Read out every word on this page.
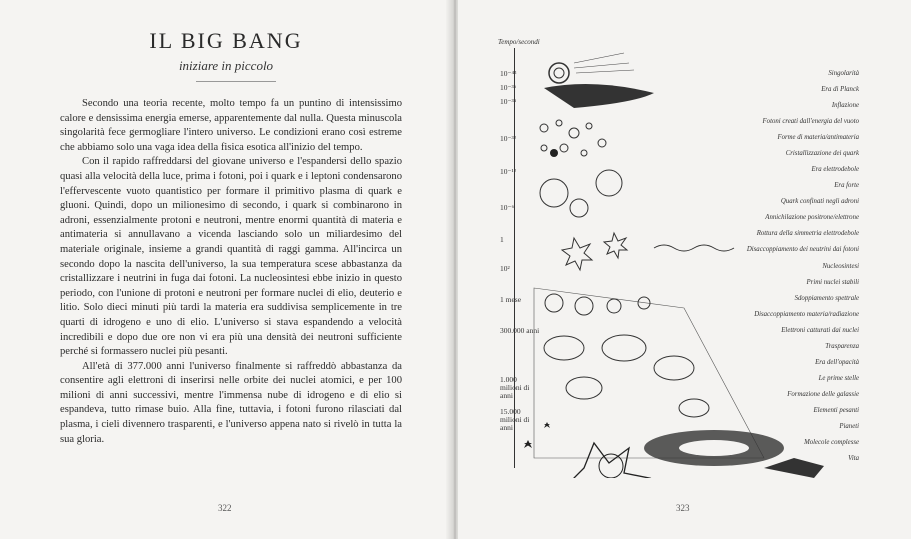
IL BIG BANG
iniziare in piccolo

Secondo una teoria recente, molto tempo fa un puntino di intensissimo calore e densissima energia emerse, apparentemente dal nulla. Questa minuscola singolarità fece germogliare l'intero universo. Le condizioni erano così estreme che abbiamo solo una vaga idea della fisica esotica all'inizio del tempo.

Con il rapido raffreddarsi del giovane universo e l'espandersi dello spazio quasi alla velocità della luce, prima i fotoni, poi i quark e i leptoni condensarono l'effervescente vuoto quantistico per formare il primitivo plasma di quark e gluoni. Quindi, dopo un milionesimo di secondo, i quark si combinarono in adroni, essenzialmente protoni e neutroni, mentre enormi quantità di materia e antimateria si annullavano a vicenda lasciando solo un miliardesimo del materiale originale, insieme a grandi quantità di raggi gamma. All'incirca un secondo dopo la nascita dell'universo, la sua temperatura scese abbastanza da cristallizzare i neutrini in fuga dai fotoni. La nucleosintesi ebbe inizio in questo periodo, con l'unione di protoni e neutroni per formare nuclei di elio, deuterio e litio. Solo dieci minuti più tardi la materia era suddivisa semplicemente in tre quarti di idrogeno e uno di elio. L'universo si stava espandendo a velocità incredibili e dopo due ore non vi era più una densità dei neutroni sufficiente perché si formassero nuclei più pesanti.

All'età di 377.000 anni l'universo finalmente si raffreddò abbastanza da consentire agli elettroni di inserirsi nelle orbite dei nuclei atomici, e per 100 milioni di anni successivi, mentre l'immensa nube di idrogeno e di elio si espandeva, tutto rimase buio. Alla fine, tuttavia, i fotoni furono rilasciati dal plasma, i cieli divennero trasparenti, e l'universo appena nato si rivelò in tutta la sua gloria.

322
Tempo/secondi
10⁻⁴³
10⁻³⁶
10⁻³⁵
10⁻³²
10⁻¹²
10⁻⁶
1
10²
1 mese
300.000 anni
1.000 milioni di anni
15.000 milioni di anni
Singolarità
Era di Planck
Inflazione
Fotoni creati dall'energia del vuoto
Forme di materia/antimateria
Cristallizzazione dei quark
Era elettrodebole
Era forte
Quark confinati negli adroni
Annichilazione positrone/elettrone
Rottura della simmetria elettrodebole
Disaccoppiamento dei neutrini dai fotoni
Nucleosintesi
Primi nuclei stabili
Sdoppiamento spettrale
Disaccoppiamento materia/radiazione
Elettroni catturati dai nuclei
Trasparenza
Era dell'opacità
Le prime stelle
Formazione delle galassie
Elementi pesanti
Pianeti
Molecole complesse
Vita
323
